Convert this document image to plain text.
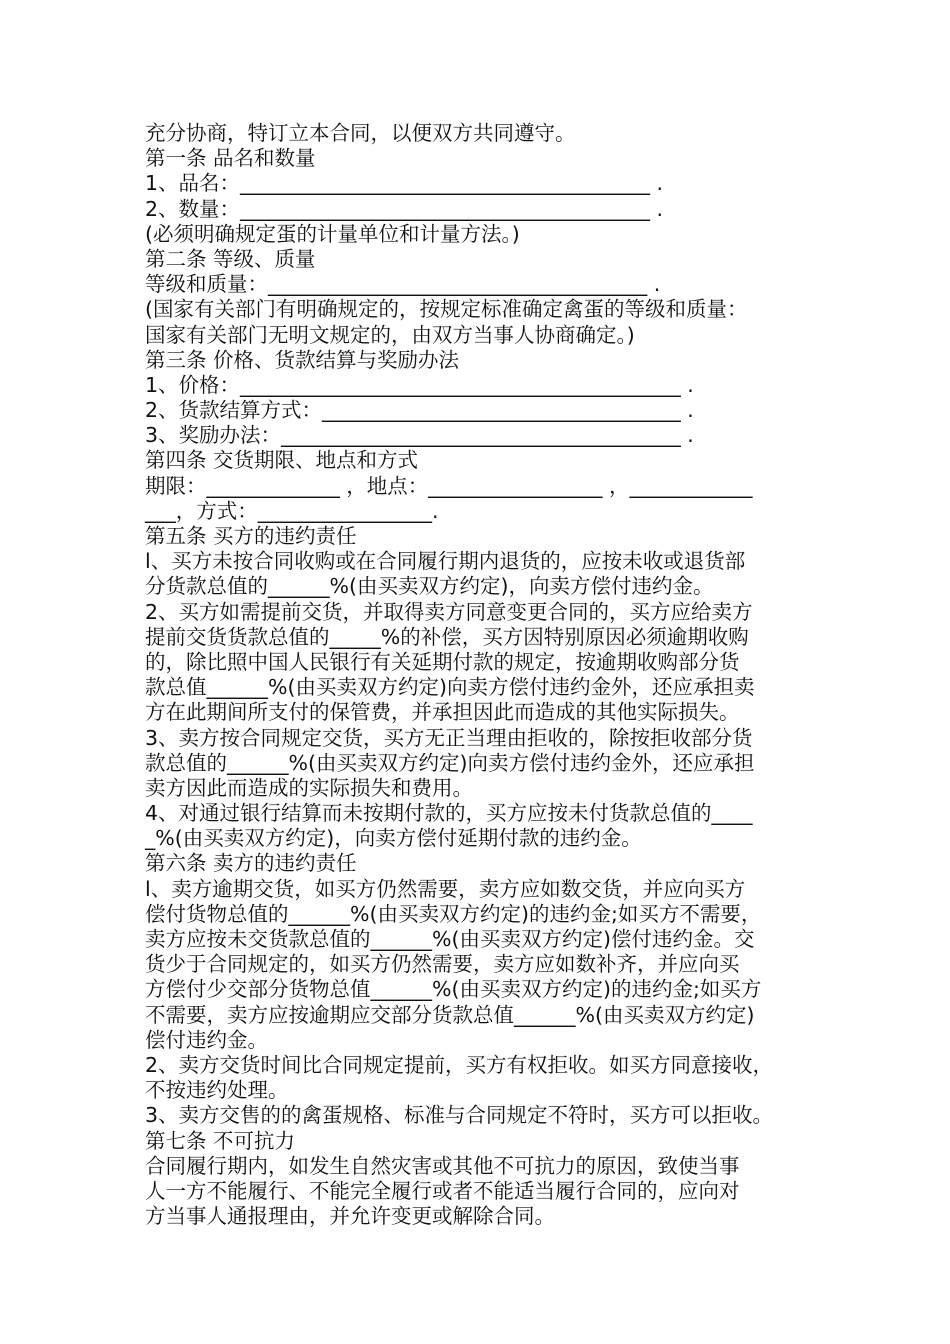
充分协商，特订立本合同，以便双方共同遵守。
第一条 品名和数量
1、品名：________________________________________ .
2、数量：________________________________________ .
(必须明确规定蛋的计量单位和计量方法。)
第二条 等级、质量
等级和质量：_____________________________________ .
(国家有关部门有明确规定的，按规定标准确定禽蛋的等级和质量：
国家有关部门无明文规定的，由双方当事人协商确定。)
第三条 价格、货款结算与奖励办法
1、价格：___________________________________________ .
2、货款结算方式：___________________________________ .
3、奖励办法：_______________________________________ .
第四条 交货期限、地点和方式
期限：_____________ ，地点：_________________ ，____________
___，方式：_________________.
第五条 买方的违约责任
l、买方未按合同收购或在合同履行期内退货的，应按未收或退货部
分货款总值的______%(由买卖双方约定)，向卖方偿付违约金。
2、买方如需提前交货，并取得卖方同意变更合同的，买方应给卖方
提前交货货款总值的_____%的补偿，买方因特别原因必须逾期收购
的，除比照中国人民银行有关延期付款的规定，按逾期收购部分货
款总值______%(由买卖双方约定)向卖方偿付违约金外，还应承担卖
方在此期间所支付的保管费，并承担因此而造成的其他实际损失。
3、卖方按合同规定交货，买方无正当理由拒收的，除按拒收部分货
款总值的______%(由买卖双方约定)向卖方偿付违约金外，还应承担
卖方因此而造成的实际损失和费用。
4、对通过银行结算而未按期付款的，买方应按未付货款总值的____
_%(由买卖双方约定)，向卖方偿付延期付款的违约金。
第六条 卖方的违约责任
l、卖方逾期交货，如买方仍然需要，卖方应如数交货，并应向买方
偿付货物总值的______%(由买卖双方约定)的违约金;如买方不需要，
卖方应按未交货款总值的______%(由买卖双方约定)偿付违约金。交
货少于合同规定的，如买方仍然需要，卖方应如数补齐，并应向买
方偿付少交部分货物总值______%(由买卖双方约定)的违约金;如买方
不需要，卖方应按逾期应交部分货款总值______%(由买卖双方约定)
偿付违约金。
2、卖方交货时间比合同规定提前，买方有权拒收。如买方同意接收，
不按违约处理。
3、卖方交售的的禽蛋规格、标准与合同规定不符时，买方可以拒收。
第七条 不可抗力
合同履行期内，如发生自然灾害或其他不可抗力的原因，致使当事
人一方不能履行、不能完全履行或者不能适当履行合同的，应向对
方当事人通报理由，并允许变更或解除合同。
